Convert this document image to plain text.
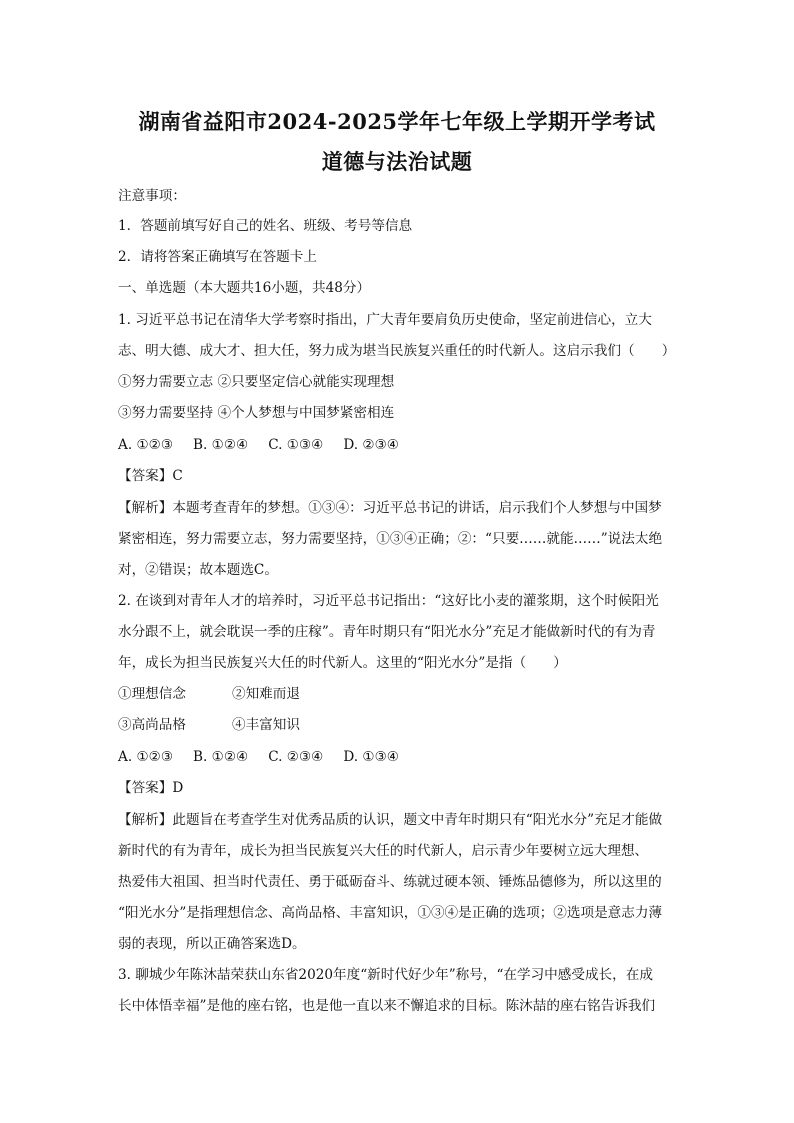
湖南省益阳市2024-2025学年七年级上学期开学考试
道德与法治试题
注意事项：
1．答题前填写好自己的姓名、班级、考号等信息
2．请将答案正确填写在答题卡上
一、单选题（本大题共16小题，共48分）
1. 习近平总书记在清华大学考察时指出，广大青年要肩负历史使命，坚定前进信心，立大
志、明大德、成大才、担大任，努力成为堪当民族复兴重任的时代新人。这启示我们（　　）
①努力需要立志 ②只要坚定信心就能实现理想
③努力需要坚持 ④个人梦想与中国梦紧密相连
A. ①②③ B. ①②④ C. ①③④ D. ②③④
【答案】C
【解析】本题考查青年的梦想。①③④：习近平总书记的讲话，启示我们个人梦想与中国梦
紧密相连，努力需要立志，努力需要坚持，①③④正确；②：“只要……就能……”说法太绝
对，②错误；故本题选C。
2. 在谈到对青年人才的培养时，习近平总书记指出：“这好比小麦的灌浆期，这个时候阳光
水分跟不上，就会耽误一季的庄稼”。青年时期只有“阳光水分”充足才能做新时代的有为青
年，成长为担当民族复兴大任的时代新人。这里的“阳光水分”是指（　　）
①理想信念	②知难而退
③高尚品格	④丰富知识
A. ①②③ B. ①②④ C. ②③④ D. ①③④
【答案】D
【解析】此题旨在考查学生对优秀品质的认识，题文中青年时期只有“阳光水分”充足才能做
新时代的有为青年，成长为担当民族复兴大任的时代新人，启示青少年要树立远大理想、
热爱伟大祖国、担当时代责任、勇于砥砺奋斗、练就过硬本领、锤炼品德修为，所以这里的
“阳光水分”是指理想信念、高尚品格、丰富知识，①③④是正确的选项；②选项是意志力薄
弱的表现，所以正确答案选D。
3. 聊城少年陈沐喆荣获山东省2020年度“新时代好少年”称号，“在学习中感受成长，在成
长中体悟幸福”是他的座右铭，也是他一直以来不懈追求的目标。陈沐喆的座右铭告诉我们
